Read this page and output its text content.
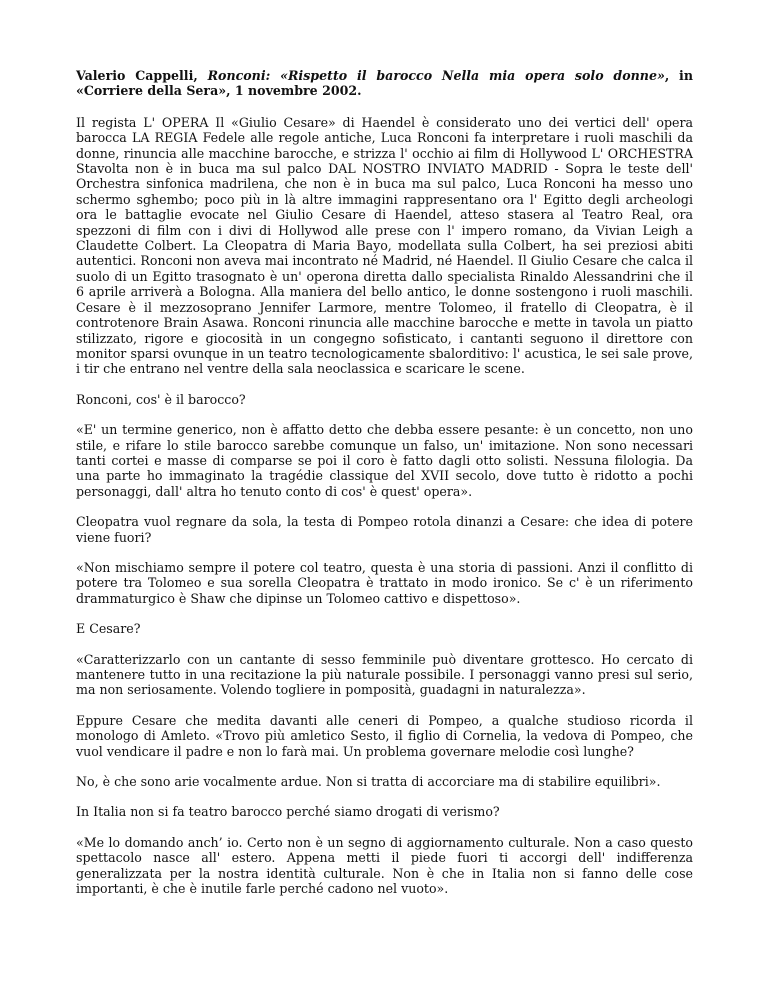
Valerio Cappelli, Ronconi: «Rispetto il barocco Nella mia opera solo donne», in «Corriere della Sera», 1 novembre 2002.

Il regista L' OPERA Il «Giulio Cesare» di Haendel è considerato uno dei vertici dell' opera barocca LA REGIA Fedele alle regole antiche, Luca Ronconi fa interpretare i ruoli maschili da donne, rinuncia alle macchine barocche, e strizza l' occhio ai film di Hollywood L' ORCHESTRA Stavolta non è in buca ma sul palco DAL NOSTRO INVIATO MADRID - Sopra le teste dell' Orchestra sinfonica madrilena, che non è in buca ma sul palco, Luca Ronconi ha messo uno schermo sghembo; poco più in là altre immagini rappresentano ora l' Egitto degli archeologi ora le battaglie evocate nel Giulio Cesare di Haendel, atteso stasera al Teatro Real, ora spezzoni di film con i divi di Hollywod alle prese con l' impero romano, da Vivian Leigh a Claudette Colbert. La Cleopatra di Maria Bayo, modellata sulla Colbert, ha sei preziosi abiti autentici. Ronconi non aveva mai incontrato né Madrid, né Haendel. Il Giulio Cesare che calca il suolo di un Egitto trasognato è un' operona diretta dallo specialista Rinaldo Alessandrini che il 6 aprile arriverà a Bologna. Alla maniera del bello antico, le donne sostengono i ruoli maschili. Cesare è il mezzosoprano Jennifer Larmore, mentre Tolomeo, il fratello di Cleopatra, è il controtenore Brain Asawa. Ronconi rinuncia alle macchine barocche e mette in tavola un piatto stilizzato, rigore e giocosità in un congegno sofisticato, i cantanti seguono il direttore con monitor sparsi ovunque in un teatro tecnologicamente sbalorditivo: l' acustica, le sei sale prove, i tir che entrano nel ventre della sala neoclassica e scaricare le scene.

Ronconi, cos' è il barocco?

«E' un termine generico, non è affatto detto che debba essere pesante: è un concetto, non uno stile, e rifare lo stile barocco sarebbe comunque un falso, un' imitazione. Non sono necessari tanti cortei e masse di comparse se poi il coro è fatto dagli otto solisti. Nessuna filologia. Da una parte ho immaginato la tragédie classique del XVII secolo, dove tutto è ridotto a pochi personaggi, dall' altra ho tenuto conto di cos' è quest' opera».

Cleopatra vuol regnare da sola, la testa di Pompeo rotola dinanzi a Cesare: che idea di potere viene fuori?

«Non mischiamo sempre il potere col teatro, questa è una storia di passioni. Anzi il conflitto di potere tra Tolomeo e sua sorella Cleopatra è trattato in modo ironico. Se c' è un riferimento drammaturgico è Shaw che dipinse un Tolomeo cattivo e dispettoso».

E Cesare?

«Caratterizzarlo con un cantante di sesso femminile può diventare grottesco. Ho cercato di mantenere tutto in una recitazione la più naturale possibile. I personaggi vanno presi sul serio, ma non seriosamente. Volendo togliere in pomposità, guadagni in naturalezza».

Eppure Cesare che medita davanti alle ceneri di Pompeo, a qualche studioso ricorda il monologo di Amleto. «Trovo più amletico Sesto, il figlio di Cornelia, la vedova di Pompeo, che vuol vendicare il padre e non lo farà mai. Un problema governare melodie così lunghe?

No, è che sono arie vocalmente ardue. Non si tratta di accorciare ma di stabilire equilibri».

In Italia non si fa teatro barocco perché siamo drogati di verismo?

«Me lo domando anch’ io. Certo non è un segno di aggiornamento culturale. Non a caso questo spettacolo nasce all' estero. Appena metti il piede fuori ti accorgi dell' indifferenza generalizzata per la nostra identità culturale. Non è che in Italia non si fanno delle cose importanti, è che è inutile farle perché cadono nel vuoto».
